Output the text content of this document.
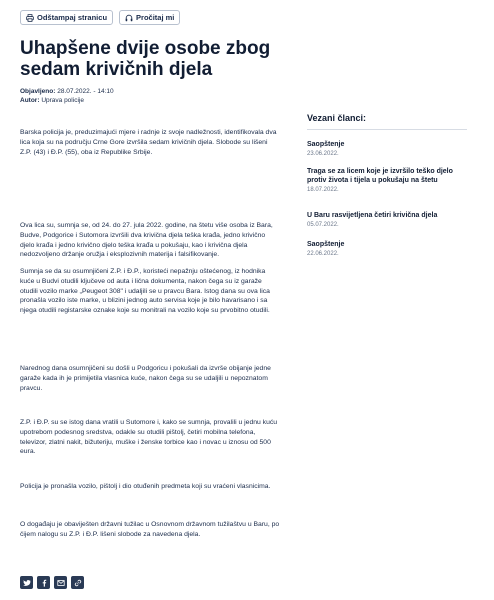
Odštampaj stranicu	Pročitaj mi
Uhapšene dvije osobe zbog sedam krivičnih djela
Objavljeno: 28.07.2022. - 14:10
Autor: Uprava policije

Barska policija je, preduzimajući mjere i radnje iz svoje nadležnosti, identifikovala dva lica koja su na području Crne Gore izvršila sedam krivičnih djela. Slobode su lišeni Z.P. (43) i Đ.P. (55), oba iz Republike Srbije.

Ova lica su, sumnja se, od 24. do 27. jula 2022. godine, na štetu više osoba iz Bara, Budve, Podgorice i Sutomora izvršili dva krivična djela teška krađa, jedno krivično djelo krađa i jedno krivično djelo teška krađa u pokušaju, kao i krivična djela nedozvoljeno držanje oružja i eksplozivnih materija i falsifikovanje.

Sumnja se da su osumnjičeni Z.P. i Đ.P., koristeći nepažnju oštećenog, iz hodnika kuće u Budvi otudili ključeve od auta i lična dokumenta, nakon čega su iz garaže otudili vozilo marke „Peugeot 308" i udaljili se u pravcu Bara. Istog dana su ova lica pronašla vozilo iste marke, u blizini jednog auto servisa koje je bilo havarisano i sa njega otudili registarske oznake koje su monitrali na vozilo koje su prvobitno otudili.

Narednog dana osumnjičeni su došli u Podgoricu i pokušali da izvrše obijanje jedne garaže kada ih je primijetila vlasnica kuće, nakon čega su se udaljili u nepoznatom pravcu.

Z.P. i Đ.P. su se istog dana vratili u Sutomore i, kako se sumnja, provalili u jednu kuću upotrebom podesnog sredstva, odakle su otudili pištolj, četiri mobilna telefona, televizor, zlatni nakit, bižuteriju, muške i ženske torbice kao i novac u iznosu od 500 eura.

Policija je pronašla vozilo, pištolj i dio otuđenih predmeta koji su vraćeni vlasnicima.

O događaju je obaviješten državni tužilac u Osnovnom državnom tužilaštvu u Baru, po čijem nalogu su Z.P. i Đ.P. lišeni slobode za navedena djela.

Vezani članci:
Saopštenje
23.06.2022.
Traga se za licem koje je izvršilo teško djelo protiv života i tijela u pokušaju na štetu
18.07.2022.
U Baru rasvijetljena četiri krivična djela
05.07.2022.
Saopštenje
22.06.2022.
